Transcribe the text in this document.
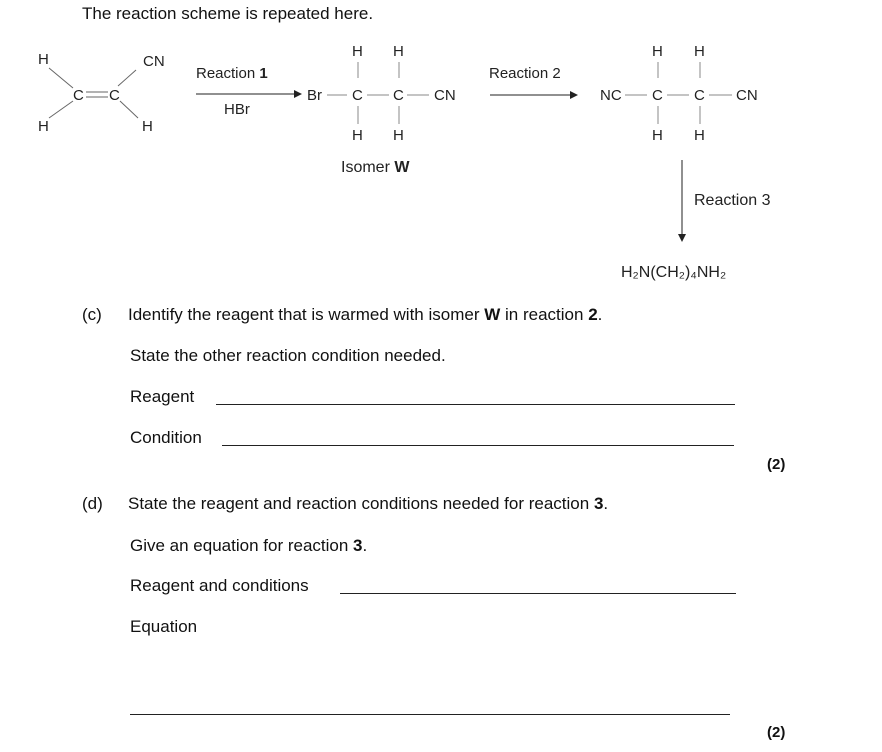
The reaction scheme is repeated here.
H
H
C C
CN
H
Reaction 1
HBr
H H
Br C C CN
H H
Isomer W
Reaction 2
H H
NC C C CN
H H
Reaction 3
H₂N(CH₂)₄NH₂
(c) Identify the reagent that is warmed with isomer W in reaction 2.
State the other reaction condition needed.
Reagent
Condition
(2)
(d) State the reagent and reaction conditions needed for reaction 3.
Give an equation for reaction 3.
Reagent and conditions
Equation
(2)
